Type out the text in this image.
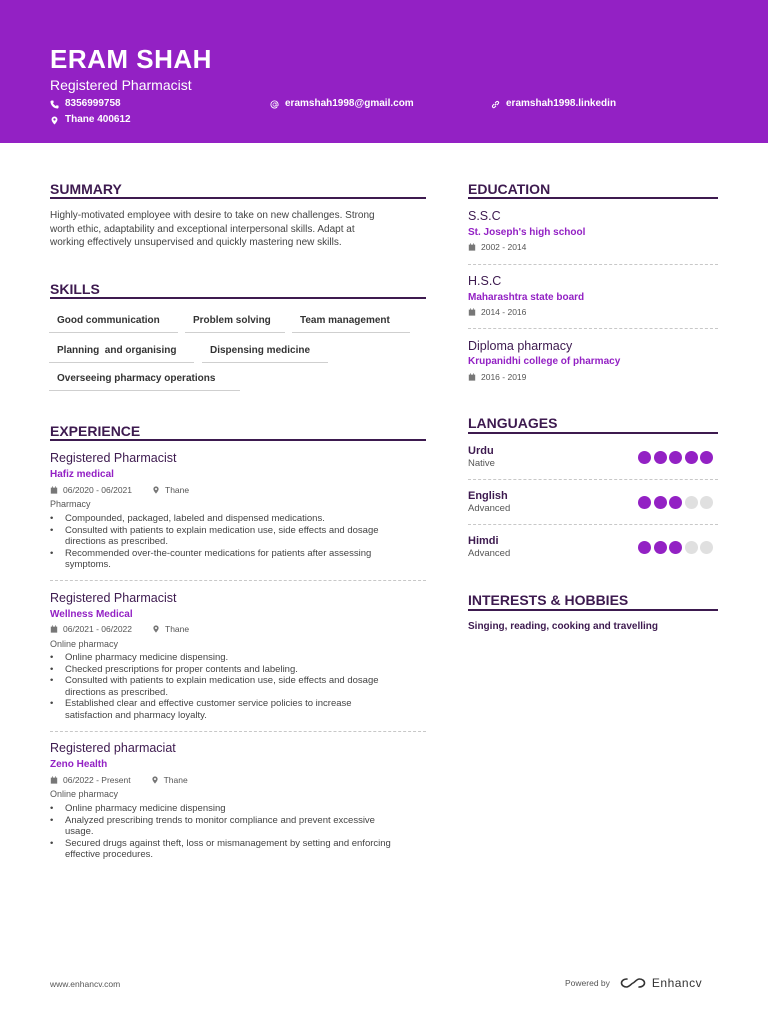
ERAM SHAH
Registered Pharmacist
8356999758	eramshah1998@gmail.com	eramshah1998.linkedin
Thane 400612
SUMMARY
Highly-motivated employee with desire to take on new challenges. Strong
worth ethic, adaptability and exceptional interpersonal skills. Adapt at
working effectively unsupervised and quickly mastering new skills.
SKILLS
Good communication	Problem solving	Team management
Planning  and organising	Dispensing medicine
Overseeing pharmacy operations
EXPERIENCE
Registered Pharmacist
Hafiz medical
06/2020 - 06/2021	Thane
Pharmacy
• Compounded, packaged, labeled and dispensed medications.
• Consulted with patients to explain medication use, side effects and dosage
directions as prescribed.
• Recommended over-the-counter medications for patients after assessing
symptoms.
Registered Pharmacist
Wellness Medical
06/2021 - 06/2022	Thane
Online pharmacy
• Online pharmacy medicine dispensing.
• Checked prescriptions for proper contents and labeling.
• Consulted with patients to explain medication use, side effects and dosage
directions as prescribed.
• Established clear and effective customer service policies to increase
satisfaction and pharmacy loyalty.
Registered pharmaciat
Zeno Health
06/2022 - Present	Thane
Online pharmacy
• Online pharmacy medicine dispensing
• Analyzed prescribing trends to monitor compliance and prevent excessive
usage.
• Secured drugs against theft, loss or mismanagement by setting and enforcing
effective procedures.
EDUCATION
S.S.C
St. Joseph's high school
2002 - 2014
H.S.C
Maharashtra state board
2014 - 2016
Diploma pharmacy
Krupanidhi college of pharmacy
2016 - 2019
LANGUAGES
Urdu
Native
English
Advanced
Himdi
Advanced
INTERESTS & HOBBIES
Singing, reading, cooking and travelling
www.enhancv.com	Powered by	Enhancv
